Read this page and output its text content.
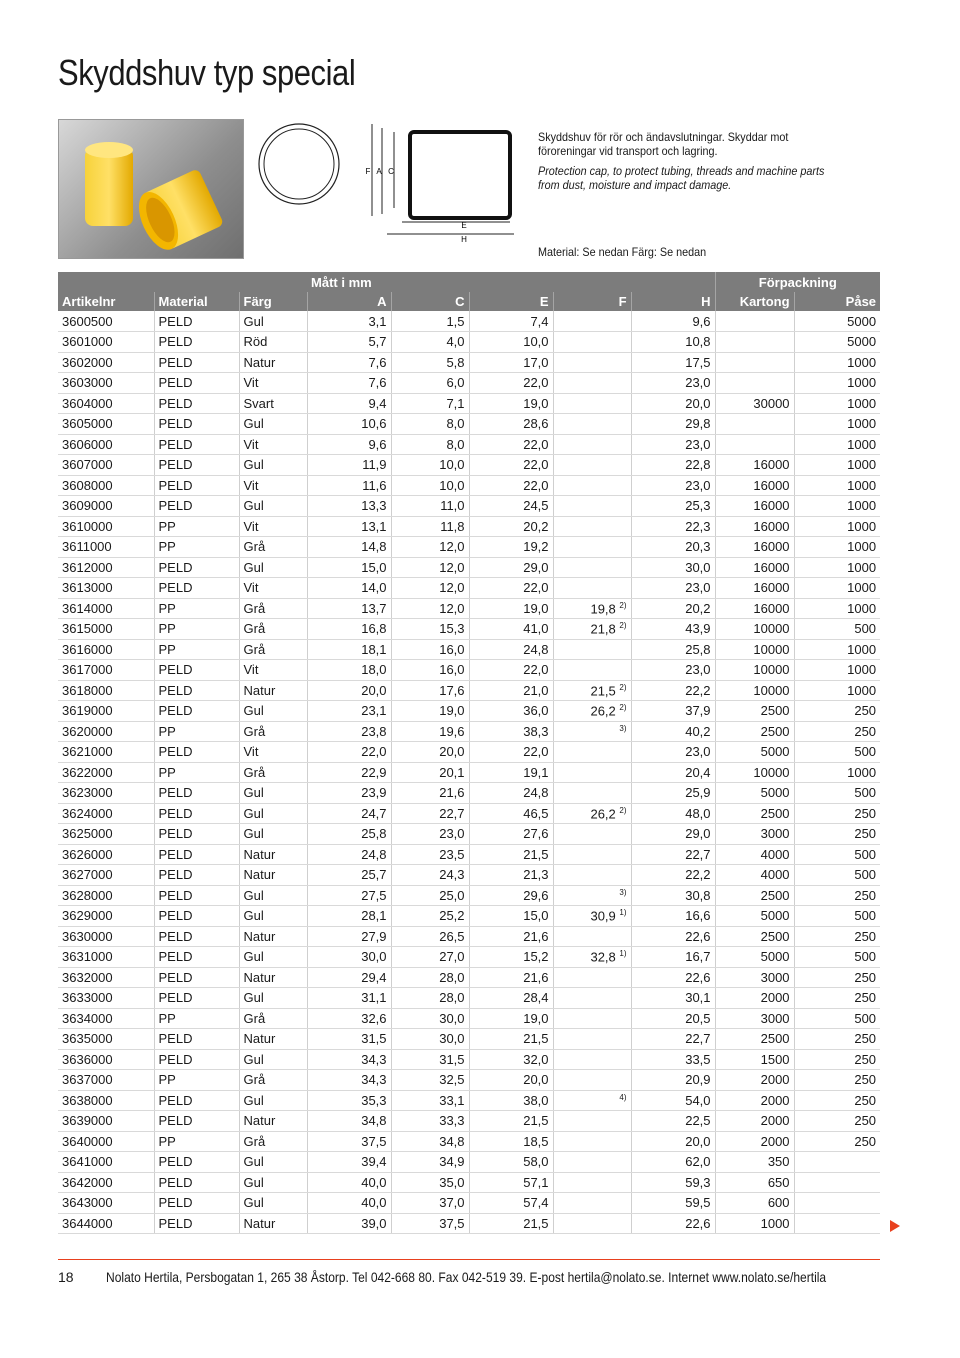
Skyddshuv typ special
F A C
E
H

Skyddshuv för rör och ändavslutningar. Skyddar mot föroreningar vid transport och lagring.

Protection cap, to protect tubing, threads and machine parts from dust, moisture and impact damage.

Material: Se nedan Färg: Se nedan
			Mått i mm					Förpackning	
Artikelnr	Material	Färg	A	C	E	F	H	Kartong	Påse
3600500	PELD	Gul	3,1	1,5	7,4		9,6		5000
3601000	PELD	Röd	5,7	4,0	10,0		10,8		5000
3602000	PELD	Natur	7,6	5,8	17,0		17,5		1000
3603000	PELD	Vit	7,6	6,0	22,0		23,0		1000
3604000	PELD	Svart	9,4	7,1	19,0		20,0	30000	1000
3605000	PELD	Gul	10,6	8,0	28,6		29,8		1000
3606000	PELD	Vit	9,6	8,0	22,0		23,0		1000
3607000	PELD	Gul	11,9	10,0	22,0		22,8	16000	1000
3608000	PELD	Vit	11,6	10,0	22,0		23,0	16000	1000
3609000	PELD	Gul	13,3	11,0	24,5		25,3	16000	1000
3610000	PP	Vit	13,1	11,8	20,2		22,3	16000	1000
3611000	PP	Grå	14,8	12,0	19,2		20,3	16000	1000
3612000	PELD	Gul	15,0	12,0	29,0		30,0	16000	1000
3613000	PELD	Vit	14,0	12,0	22,0		23,0	16000	1000
3614000	PP	Grå	13,7	12,0	19,0	19,8 $^{2)}$	20,2	16000	1000
3615000	PP	Grå	16,8	15,3	41,0	21,8 $^{2)}$	43,9	10000	500
3616000	PP	Grå	18,1	16,0	24,8		25,8	10000	1000
3617000	PELD	Vit	18,0	16,0	22,0		23,0	10000	1000
3618000	PELD	Natur	20,0	17,6	21,0	21,5 $^{2)}$	22,2	10000	1000
3619000	PELD	Gul	23,1	19,0	36,0	26,2 $^{2)}$	37,9	2500	250
3620000	PP	Grå	23,8	19,6	38,3	$^{3)}$	40,2	2500	250
3621000	PELD	Vit	22,0	20,0	22,0		23,0	5000	500
3622000	PP	Grå	22,9	20,1	19,1		20,4	10000	1000
3623000	PELD	Gul	23,9	21,6	24,8		25,9	5000	500
3624000	PELD	Gul	24,7	22,7	46,5	26,2 $^{2)}$	48,0	2500	250
3625000	PELD	Gul	25,8	23,0	27,6		29,0	3000	250
3626000	PELD	Natur	24,8	23,5	21,5		22,7	4000	500
3627000	PELD	Natur	25,7	24,3	21,3		22,2	4000	500
3628000	PELD	Gul	27,5	25,0	29,6	$^{3)}$	30,8	2500	250
3629000	PELD	Gul	28,1	25,2	15,0	30,9 $^{1)}$	16,6	5000	500
3630000	PELD	Natur	27,9	26,5	21,6		22,6	2500	250
3631000	PELD	Gul	30,0	27,0	15,2	32,8 $^{1)}$	16,7	5000	500
3632000	PELD	Natur	29,4	28,0	21,6		22,6	3000	250
3633000	PELD	Gul	31,1	28,0	28,4		30,1	2000	250
3634000	PP	Grå	32,6	30,0	19,0		20,5	3000	500
3635000	PELD	Natur	31,5	30,0	21,5		22,7	2500	250
3636000	PELD	Gul	34,3	31,5	32,0		33,5	1500	250
3637000	PP	Grå	34,3	32,5	20,0		20,9	2000	250
3638000	PELD	Gul	35,3	33,1	38,0	$^{4)}$	54,0	2000	250
3639000	PELD	Natur	34,8	33,3	21,5		22,5	2000	250
3640000	PP	Grå	37,5	34,8	18,5		20,0	2000	250
3641000	PELD	Gul	39,4	34,9	58,0		62,0	350	
3642000	PELD	Gul	40,0	35,0	57,1		59,3	650	
3643000	PELD	Gul	40,0	37,0	57,4		59,5	600	
3644000	PELD	Natur	39,0	37,5	21,5		22,6	1000	
18 Nolato Hertila, Persbogatan 1, 265 38 Åstorp. Tel 042-668 80. Fax 042-519 39. E-post hertila@nolato.se. Internet www.nolato.se/hertila
